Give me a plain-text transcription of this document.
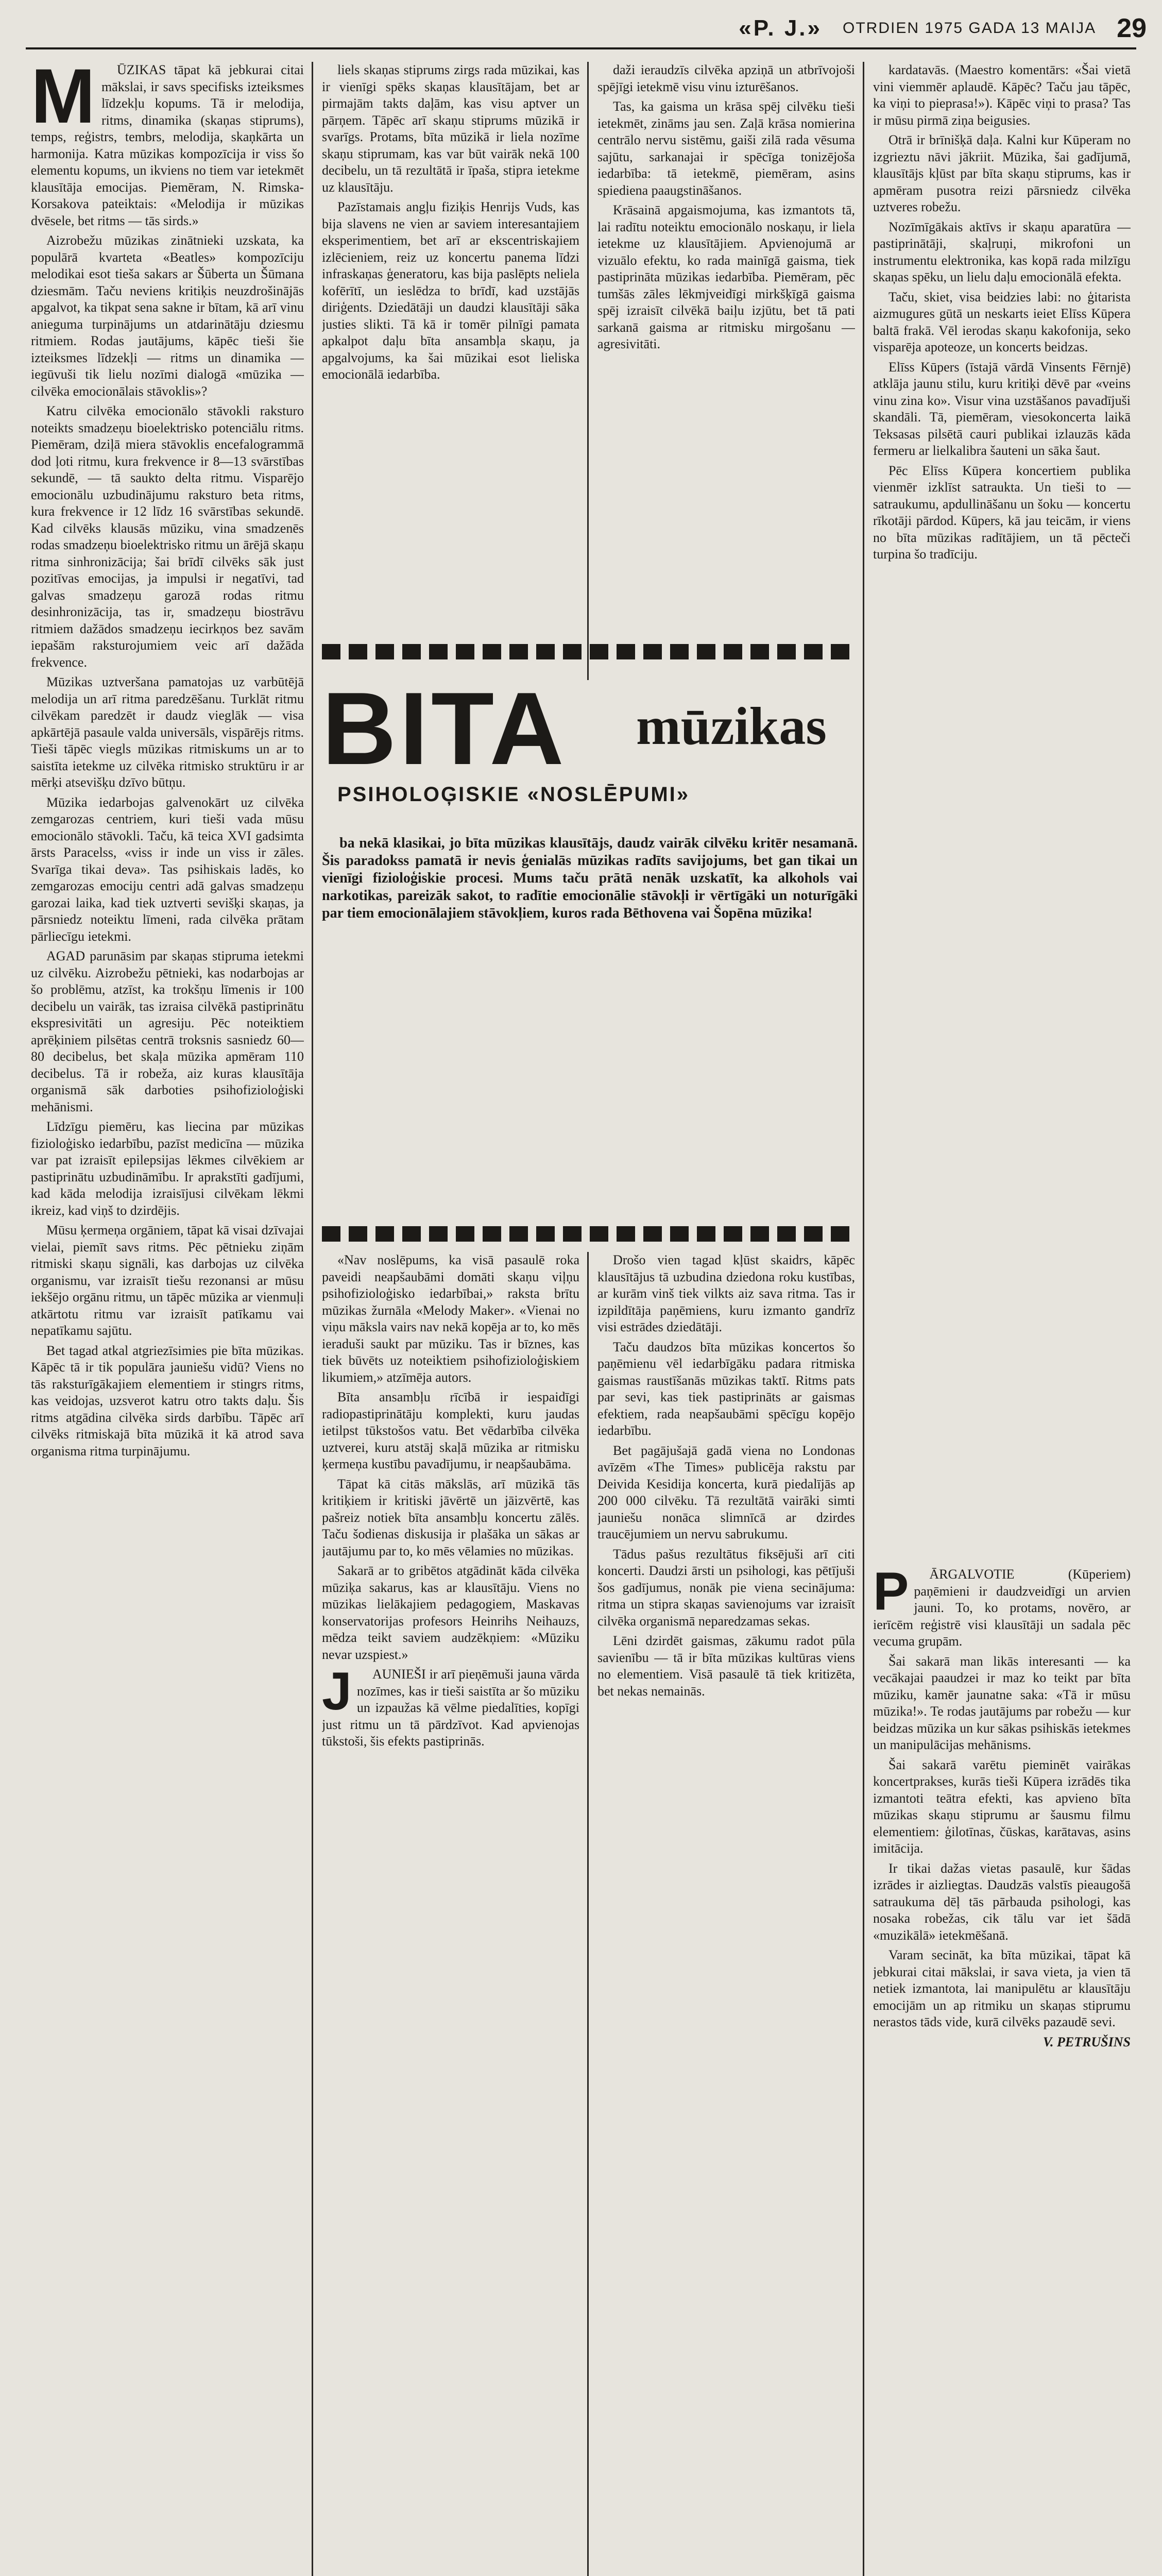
«P. J.» OTRDIEN 1975 GADA 13 MAIJA 29
M	ŪZIKAS tāpat kā jebkurai citai mākslai, ir savs specifisks izteiksmes līdzekļu kopums. Tā ir melodija, ritms, dinamika (skaņas stiprums), temps, reģistrs, tembrs, melodija, skaņkārta un harmonija. Katra mūzikas kompozīcija ir viss šo elementu kopums, un ikviens no tiem var ietekmēt klausītāja emocijas. Piemēram, N. Rimska-Korsakova pateiktais: «Melodija ir mūzikas dvēsele, bet ritms — tās sirds.»

Aizrobežu mūzikas zinātnieki uzskata, ka populārā kvarteta «Beatles» kompozīciju melodikai esot tieša sakars ar Šūberta un Šūmana dziesmām. Taču neviens kritiķis neuzdrošinājās apgalvot, ka tikpat sena sakne ir bītam, kā arī vinu anieguma turpinājums un atdarinātāju dziesmu ritmiem. Rodas jautājums, kāpēc tieši šie izteiksmes līdzekļi — ritms un dinamika — iegūvuši tik lielu nozīmi dialogā «mūzika — cilvēka emocionālais stāvoklis»?

Katru cilvēka emocionālo stāvokli raksturo noteikts smadzeņu bioelektrisko potenciālu ritms. Piemēram, dziļā miera stāvoklis encefalogrammā dod ļoti ritmu, kura frekvence ir 8—13 svārstības sekundē, — tā saukto delta ritmu. Visparējo emocionālu uzbudinājumu raksturo beta ritms, kura frekvence ir 12 līdz 16 svārstības sekundē. Kad cilvēks klausās mūziku, vina smadzenēs rodas smadzeņu bioelektrisko ritmu un ārējā skaņu ritma sinhronizācija; šai brīdī cilvēks sāk just pozitīvas emocijas, ja impulsi ir negatīvi, tad galvas smadzeņu garozā rodas ritmu desinhronizācija, tas ir, smadzeņu biostrāvu ritmiem dažādos smadzeņu iecirkņos bez savām iepašām raksturojumiem veic arī dažāda frekvence.

Mūzikas uztveršana pamatojas uz varbūtējā melodija un arī ritma paredzēšanu. Turklāt ritmu cilvēkam paredzēt ir daudz vieglāk — visa apkārtējā pasaule valda universāls, vispārējs ritms. Tieši tāpēc viegls mūzikas ritmiskums un ar to saistīta ietekme uz cilvēka ritmisko struktūru ir ar mērķi atsevišķu dzīvo būtņu.

Mūzika iedarbojas galvenokārt uz cilvēka zemgarozas centriem, kuri tieši vada mūsu emocionālo stāvokli. Taču, kā teica XVI gadsimta ārsts Paracelss, «viss ir inde un viss ir zāles. Svarīga tikai deva». Tas psihiskais ladēs, ko zemgarozas emociju centri adā galvas smadzeņu garozai laika, kad tiek uztverti sevišķi skaņas, ja pārsniedz noteiktu līmeni, rada cilvēka prātam pārliecīgu ietekmi.

AGAD parunāsim par skaņas stipruma ietekmi uz cilvēku. Aizrobežu pētnieki, kas nodarbojas ar šo problēmu, atzīst, ka trokšņu līmenis ir 100 decibelu un vairāk, tas izraisa cilvēkā pastiprinātu ekspresivitāti un agresiju. Pēc noteiktiem aprēķiniem pilsētas centrā troksnis sasniedz 60—80 decibelus, bet skaļa mūzika apmēram 110 decibelus. Tā ir robeža, aiz kuras klausītāja organismā sāk darboties psihofizioloģiski mehānismi.

Līdzīgu piemēru, kas liecina par mūzikas fizioloģisko iedarbību, pazīst medicīna — mūzika var pat izraisīt epilepsijas lēkmes cilvēkiem ar pastiprinātu uzbudināmību. Ir aprakstīti gadījumi, kad kāda melodija izraisījusi cilvēkam lēkmi ikreiz, kad viņš to dzirdējis.

Mūsu ķermeņa orgāniem, tāpat kā visai dzīvajai vielai, piemīt savs ritms. Pēc pētnieku ziņām ritmiski skaņu signāli, kas darbojas uz cilvēka organismu, var izraisīt tiešu rezonansi ar mūsu iekšējo orgānu ritmu, un tāpēc mūzika ar vienmuļi atkārtotu ritmu var izraisīt patīkamu vai nepatīkamu sajūtu.

Bet tagad atkal atgriezīsimies pie bīta mūzikas. Kāpēc tā ir tik populāra jauniešu vidū? Viens no tās raksturīgākajiem elementiem ir stingrs ritms, kas veidojas, uzsverot katru otro takts daļu. Šis ritms atgādina cilvēka sirds darbību. Tāpēc arī cilvēks ritmiskajā bīta mūzikā it kā atrod sava organisma ritma turpinājumu.

liels skaņas stiprums zirgs rada mūzikai, kas ir vienīgi spēks skaņas klausītājam, bet ar pirmajām takts daļām, kas visu aptver un pārņem. Tāpēc arī skaņu stiprums mūzikā ir svarīgs. Protams, bīta mūzikā ir liela nozīme skaņu stiprumam, kas var būt vairāk nekā 100 decibelu, un tā rezultātā ir īpaša, stipra ietekme uz klausītāju.

Pazīstamais angļu fiziķis Henrijs Vuds, kas bija slavens ne vien ar saviem interesantajiem eksperimentiem, bet arī ar ekscentriskajiem izlēcieniem, reiz uz koncertu panema līdzi infraskaņas ģeneratoru, kas bija paslēpts neliela kofērītī, un ieslēdza to brīdī, kad uzstājās diriģents. Dziedātāji un daudzi klausītāji sāka justies slikti. Tā kā ir tomēr pilnīgi pamata apkalpot daļu bīta ansambļa skaņu, ja apgalvojums, ka šai mūzikai esot lieliska emocionālā iedarbība.

daži ieraudzīs cilvēka apziņā un atbrīvojoši spējīgi ietekmē visu vinu izturēšanos.

Tas, ka gaisma un krāsa spēj cilvēku tieši ietekmēt, zināms jau sen. Zaļā krāsa nomierina centrālo nervu sistēmu, gaiši zilā rada vēsuma sajūtu, sarkanajai ir spēcīga tonizējoša iedarbība: tā ietekmē, piemēram, asins spiediena paaugstināšanos.

Krāsainā apgaismojuma, kas izmantots tā, lai radītu noteiktu emocionālo noskaņu, ir liela ietekme uz klausītājiem. Apvienojumā ar vizuālo efektu, ko rada mainīgā gaisma, tiek pastiprināta mūzikas iedarbība. Piemēram, pēc tumšās zāles lēkmjveidīgi mirkšķīgā gaisma spēj izraisīt cilvēkā baiļu izjūtu, bet tā pati sarkanā gaisma ar ritmisku mirgošanu — agresivitāti.

BITA mūzikas
PSIHOLOĢISKIE «NOSLĒPUMI»

ba nekā klasikai, jo bīta mūzikas klausītājs, daudz vairāk cilvēku kritēr nesamanā. Šis paradokss pamatā ir nevis ģenialās mūzikas radīts savijojums, bet gan tikai un vienīgi fizioloģiskie procesi. Mums taču prātā nenāk uzskatīt, ka alkohols vai narkotikas, pareizāk sakot, to radītie emocionālie stāvokļi ir vērtīgāki un noturīgāki par tiem emocionālajiem stāvokļiem, kuros rada Bēthovena vai Šopēna mūzika!

«Nav noslēpums, ka visā pasaulē roka paveidi neapšaubāmi domāti skaņu viļņu psihofizioloģisko iedarbībai,» raksta brītu mūzikas žurnāla «Melody Maker». «Vienai no viņu māksla vairs nav nekā kopēja ar to, ko mēs ieraduši saukt par mūziku. Tas ir bīznes, kas tiek būvēts uz noteiktiem psihofizioloģiskiem likumiem,» atzīmēja autors.

Bīta ansambļu rīcībā ir iespaidīgi radiopastiprinātāju komplekti, kuru jaudas ietilpst tūkstošos vatu. Bet vēdarbība cilvēka uztverei, kuru atstāj skaļā mūzika ar ritmisku ķermeņa kustību pavadījumu, ir neapšaubāma.

Tāpat kā citās mākslās, arī mūzikā tās kritiķiem ir kritiski jāvērtē un jāizvērtē, kas pašreiz notiek bīta ansambļu koncertu zālēs. Taču šodienas diskusija ir plašāka un sākas ar jautājumu par to, ko mēs vēlamies no mūzikas.

Sakarā ar to gribētos atgādināt kāda cilvēka mūziķa sakarus, kas ar klausītāju. Viens no mūzikas lielākajiem pedagogiem, Maskavas konservatorijas profesors Heinrihs Neihauzs, mēdza teikt saviem audzēkņiem: «Mūziku nevar uzspiest.»

J	AUNIEŠI ir arī pieņēmuši jauna vārda nozīmes, kas ir tieši saistīta ar šo mūziku un izpaužas kā vēlme piedalīties, kopīgi just ritmu un tā pārdzīvot. Kad apvienojas tūkstoši, šis efekts pastiprinās.

Drošo vien tagad kļūst skaidrs, kāpēc klausītājus tā uzbudina dziedona roku kustības, ar kurām vinš tiek vilkts aiz sava ritma. Tas ir izpildītāja paņēmiens, kuru izmanto gandrīz visi estrādes dziedātāji.

Taču daudzos bīta mūzikas koncertos šo paņēmienu vēl iedarbīgāku padara ritmiska gaismas raustīšanās mūzikas taktī. Ritms pats par sevi, kas tiek pastiprināts ar gaismas efektiem, rada neapšaubāmi spēcīgu kopējo iedarbību.

Bet pagājušajā gadā viena no Londonas avīzēm «The Times» publicēja rakstu par Deivida Kesidija koncerta, kurā piedalījās ap 200 000 cilvēku. Tā rezultātā vairāki simti jauniešu nonāca slimnīcā ar dzirdes traucējumiem un nervu sabrukumu.

Tādus pašus rezultātus fiksējuši arī citi koncerti. Daudzi ārsti un psihologi, kas pētījuši šos gadījumus, nonāk pie viena secinājuma: ritma un stipra skaņas savienojums var izraisīt cilvēka organismā neparedzamas sekas.

Lēni dzirdēt gaismas, zākumu radot pūla savienību — tā ir bīta mūzikas kultūras viens no elementiem. Visā pasaulē tā tiek kritizēta, bet nekas nemainās.

kardatavās. (Maestro komentārs: «Šai vietā vini viemmēr aplaudē. Kāpēc? Taču jau tāpēc, ka viņi to pieprasa!»). Kāpēc viņi to prasa? Tas ir mūsu pirmā ziņa beigusies.

Otrā ir brīnišķā daļa. Kalni kur Kūperam no izgrieztu nāvi jākriit. Mūzika, šai gadījumā, klausītājs kļūst par bīta skaņu stiprums, kas ir apmēram pusotra reizi pārsniedz cilvēka uztveres robežu.

Nozīmīgākais aktīvs ir skaņu aparatūra — pastiprinātāji, skaļruņi, mikrofoni un instrumentu elektronika, kas kopā rada milzīgu skaņas spēku, un lielu daļu emocionālā efekta.

Taču, skiet, visa beidzies labi: no ģitarista aizmugures gūtā un neskarts ieiet Elīss Kūpera baltā frakā. Vēl ierodas skaņu kakofonija, seko visparēja apoteoze, un koncerts beidzas.

Elīss Kūpers (īstajā vārdā Vinsents Fērnjē) atklāja jaunu stilu, kuru kritiķi dēvē par «veins vinu zina ko». Visur vina uzstāšanos pavadījuši skandāli. Tā, piemēram, viesokoncerta laikā Teksasas pilsētā cauri publikai izlauzās kāda fermeru ar lielkalibra šauteni un sāka šaut.

Pēc Elīss Kūpera koncertiem publika vienmēr izklīst satraukta. Un tieši to — satraukumu, apdullināšanu un šoku — koncertu rīkotāji pārdod. Kūpers, kā jau teicām, ir viens no bīta mūzikas radītājiem, un tā pēcteči turpina šo tradīciju.

P	ĀRGALVOTIE (Kūperiem) paņēmieni ir daudzveidīgi un arvien jauni. To, ko protams, novēro, ar ierīcēm reģistrē visi klausītāji un sadala pēc vecuma grupām.

Šai sakarā man likās interesanti — ka vecākajai paaudzei ir maz ko teikt par bīta mūziku, kamēr jaunatne saka: «Tā ir mūsu mūzika!». Te rodas jautājums par robežu — kur beidzas mūzika un kur sākas psihiskās ietekmes un manipulācijas mehānisms.

Šai sakarā varētu pieminēt vairākas koncertprakses, kurās tieši Kūpera izrādēs tika izmantoti teātra efekti, kas apvieno bīta mūzikas skaņu stiprumu ar šausmu filmu elementiem: ģilotīnas, čūskas, karātavas, asins imitācija.

Ir tikai dažas vietas pasaulē, kur šādas izrādes ir aizliegtas. Daudzās valstīs pieaugošā satraukuma dēļ tās pārbauda psihologi, kas nosaka robežas, cik tālu var iet šādā «muzikālā» ietekmēšanā.

Varam secināt, ka bīta mūzikai, tāpat kā jebkurai citai mākslai, ir sava vieta, ja vien tā netiek izmantota, lai manipulētu ar klausītāju emocijām un ap ritmiku un skaņas stiprumu nerastos tāds vide, kurā cilvēks pazaudē sevi.

V. PETRUŠINS
